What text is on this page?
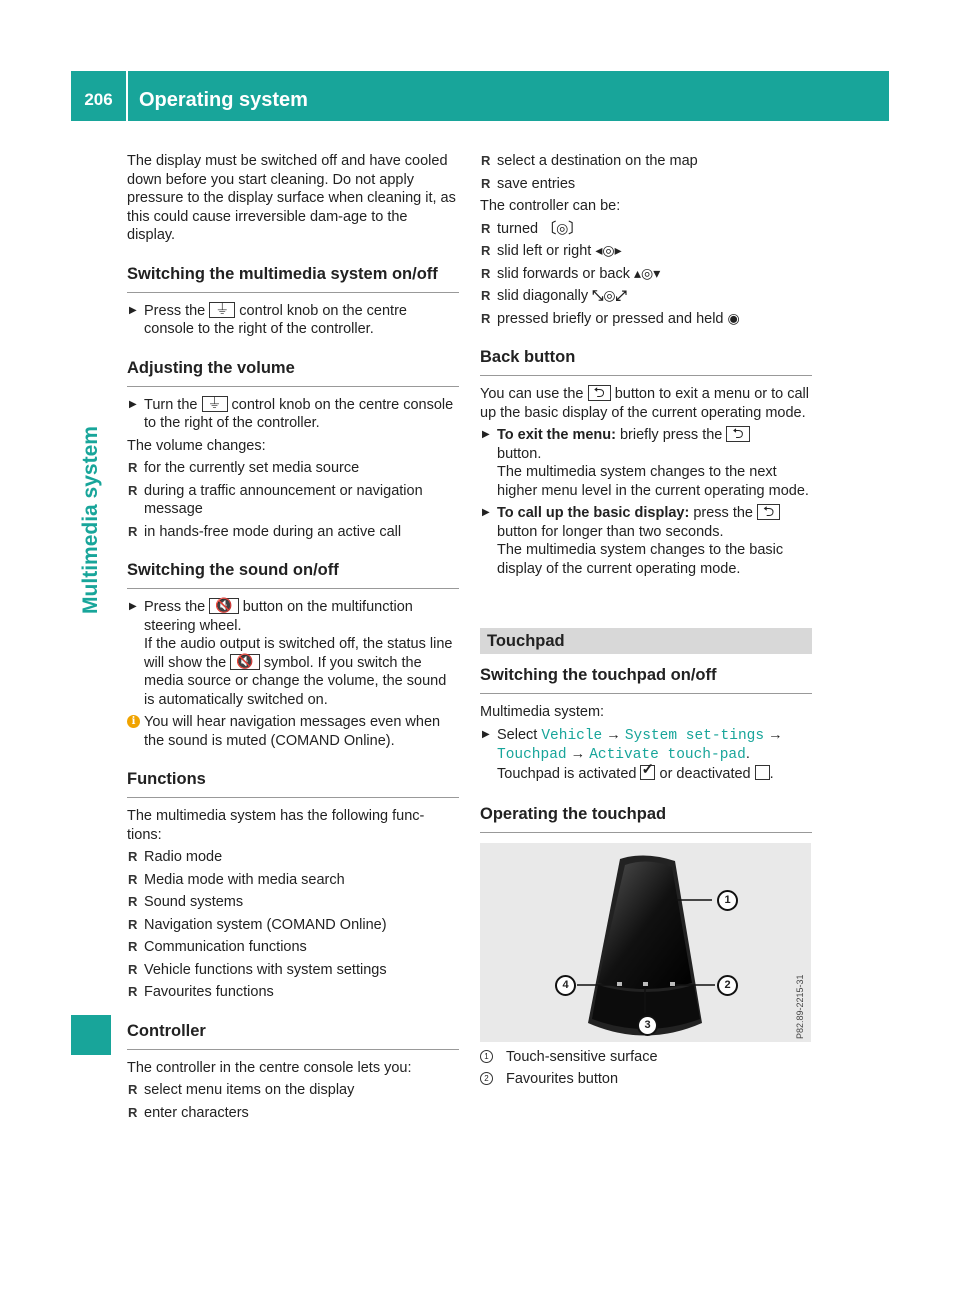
206	Operating system
Multimedia system

The display must be switched off and have cooled down before you start cleaning. Do not apply pressure to the display surface when cleaning it, as this could cause irreversible dam-age to the display.

Switching the multimedia system on/off
▶ Press the ⏚ control knob on the centre console to the right of the controller.
Adjusting the volume
▶ Turn the ⏚ control knob on the centre console to the right of the controller.

The volume changes:

R for the currently set media source
R during a traffic announcement or navigation message
R in hands-free mode during an active call
Switching the sound on/off
▶ Press the 🔇 button on the multifunction steering wheel.
If the audio output is switched off, the status line will show the 🔇 symbol. If you switch the media source or change the volume, the sound is automatically switched on.
i You will hear navigation messages even when the sound is muted (COMAND Online).
Functions

The multimedia system has the following func-tions:

R Radio mode
R Media mode with media search
R Sound systems
R Navigation system (COMAND Online)
R Communication functions
R Vehicle functions with system settings
R Favourites functions
Controller

The controller in the centre console lets you:

R select menu items on the display
R enter characters
R select a destination on the map
R save entries

The controller can be:

R turned 〔◎〕
R slid left or right ◂◎▸
R slid forwards or back ▴◎▾
R slid diagonally ⤡◎⤢
R pressed briefly or pressed and held ◉
Back button

You can use the ⮌ button to exit a menu or to call up the basic display of the current operating mode.

▶ To exit the menu: briefly press the ⮌
button.
The multimedia system changes to the next higher menu level in the current operating mode.
▶ To call up the basic display: press the ⮌
button for longer than two seconds.
The multimedia system changes to the basic display of the current operating mode.
Touchpad
Switching the touchpad on/off

Multimedia system:

▶ Select Vehicle → System set-tings → Touchpad → Activate touch-pad.
Touchpad is activated ✓ or deactivated .
Operating the touchpad
P82.89-2215-31
1
2
3
4
1 Touch-sensitive surface
2 Favourites button
